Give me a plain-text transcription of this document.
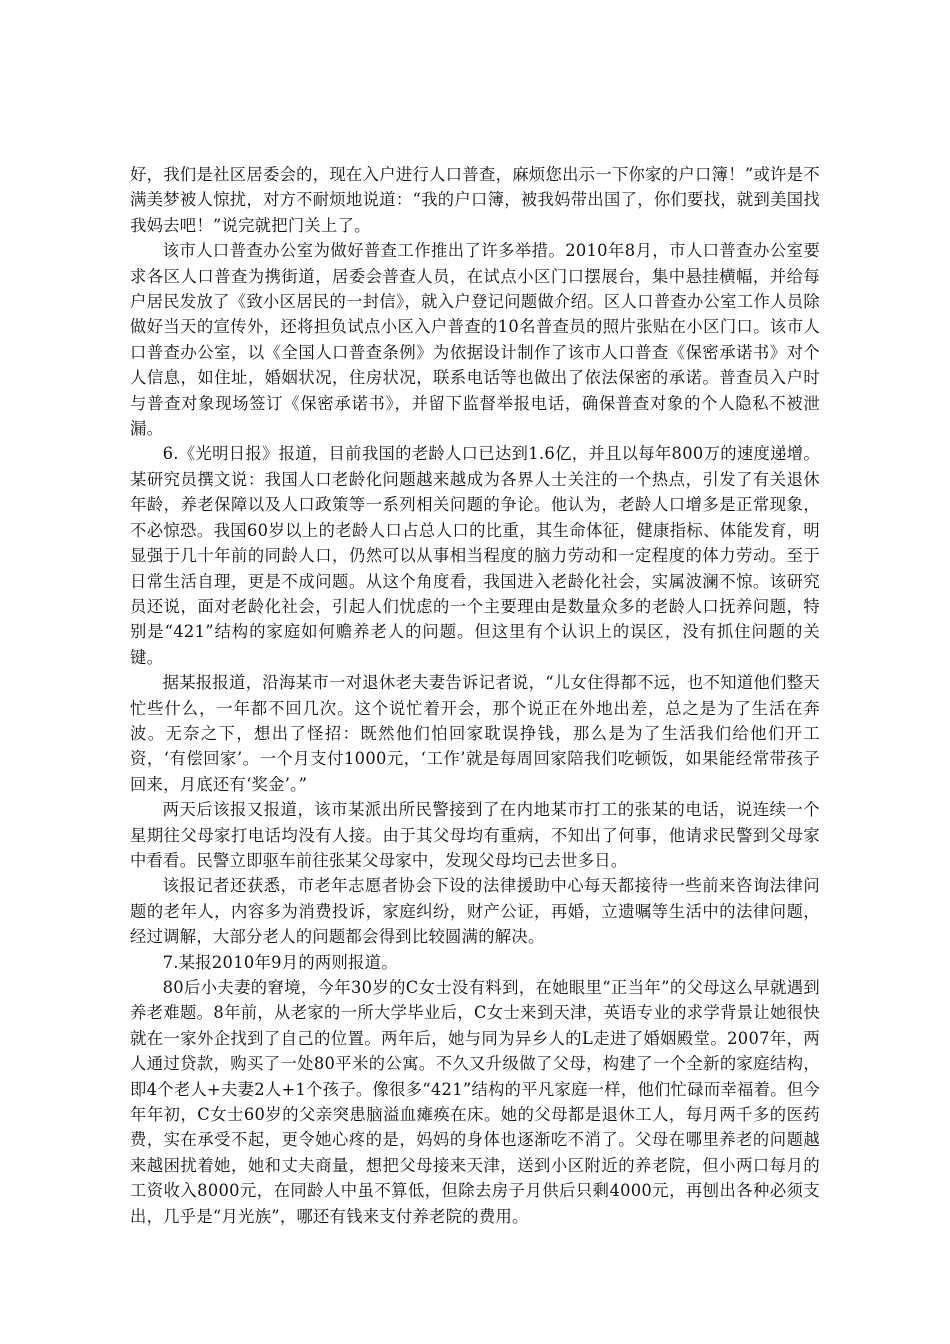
好，我们是社区居委会的，现在入户进行人口普查，麻烦您出示一下你家的户口簿！”或许是不满美梦被人惊扰，对方不耐烦地说道：“我的户口簿，被我妈带出国了，你们要找，就到美国找我妈去吧！”说完就把门关上了。

该市人口普查办公室为做好普查工作推出了许多举措。2010年8月，市人口普查办公室要求各区人口普查为携街道，居委会普查人员，在试点小区门口摆展台，集中悬挂横幅，并给每户居民发放了《致小区居民的一封信》，就入户登记问题做介绍。区人口普查办公室工作人员除做好当天的宣传外，还将担负试点小区入户普查的10名普查员的照片张贴在小区门口。该市人口普查办公室，以《全国人口普查条例》为依据设计制作了该市人口普查《保密承诺书》对个人信息，如住址，婚姻状况，住房状况，联系电话等也做出了依法保密的承诺。普查员入户时与普查对象现场签订《保密承诺书》，并留下监督举报电话，确保普查对象的个人隐私不被泄漏。

6.《光明日报》报道，目前我国的老龄人口已达到1.6亿，并且以每年800万的速度递增。某研究员撰文说：我国人口老龄化问题越来越成为各界人士关注的一个热点，引发了有关退休年龄，养老保障以及人口政策等一系列相关问题的争论。他认为，老龄人口增多是正常现象，不必惊恐。我国60岁以上的老龄人口占总人口的比重，其生命体征，健康指标、体能发育，明显强于几十年前的同龄人口，仍然可以从事相当程度的脑力劳动和一定程度的体力劳动。至于日常生活自理，更是不成问题。从这个角度看，我国进入老龄化社会，实属波澜不惊。该研究员还说，面对老龄化社会，引起人们忧虑的一个主要理由是数量众多的老龄人口抚养问题，特别是“421”结构的家庭如何赡养老人的问题。但这里有个认识上的误区，没有抓住问题的关键。

据某报报道，沿海某市一对退休老夫妻告诉记者说，“儿女住得都不远，也不知道他们整天忙些什么，一年都不回几次。这个说忙着开会，那个说正在外地出差，总之是为了生活在奔波。无奈之下，想出了怪招：既然他们怕回家耽误挣钱，那么是为了生活我们给他们开工资，‘有偿回家’。一个月支付1000元，‘工作’就是每周回家陪我们吃顿饭，如果能经常带孩子回来，月底还有‘奖金’。”

两天后该报又报道，该市某派出所民警接到了在内地某市打工的张某的电话，说连续一个星期往父母家打电话均没有人接。由于其父母均有重病，不知出了何事，他请求民警到父母家中看看。民警立即驱车前往张某父母家中，发现父母均已去世多日。

该报记者还获悉，市老年志愿者协会下设的法律援助中心每天都接待一些前来咨询法律问题的老年人，内容多为消费投诉，家庭纠纷，财产公证，再婚，立遗嘱等生活中的法律问题，经过调解，大部分老人的问题都会得到比较圆满的解决。

7.某报2010年9月的两则报道。

80后小夫妻的窘境，今年30岁的C女士没有料到，在她眼里“正当年”的父母这么早就遇到养老难题。8年前，从老家的一所大学毕业后，C女士来到天津，英语专业的求学背景让她很快就在一家外企找到了自己的位置。两年后，她与同为异乡人的L走进了婚姻殿堂。2007年，两人通过贷款，购买了一处80平米的公寓。不久又升级做了父母，构建了一个全新的家庭结构，即4个老人+夫妻2人+1个孩子。像很多“421”结构的平凡家庭一样，他们忙碌而幸福着。但今年年初，C女士60岁的父亲突患脑溢血瘫痪在床。她的父母都是退休工人，每月两千多的医药费，实在承受不起，更令她心疼的是，妈妈的身体也逐渐吃不消了。父母在哪里养老的问题越来越困扰着她，她和丈夫商量，想把父母接来天津，送到小区附近的养老院，但小两口每月的工资收入8000元，在同龄人中虽不算低，但除去房子月供后只剩4000元，再刨出各种必须支出，几乎是“月光族”，哪还有钱来支付养老院的费用。
